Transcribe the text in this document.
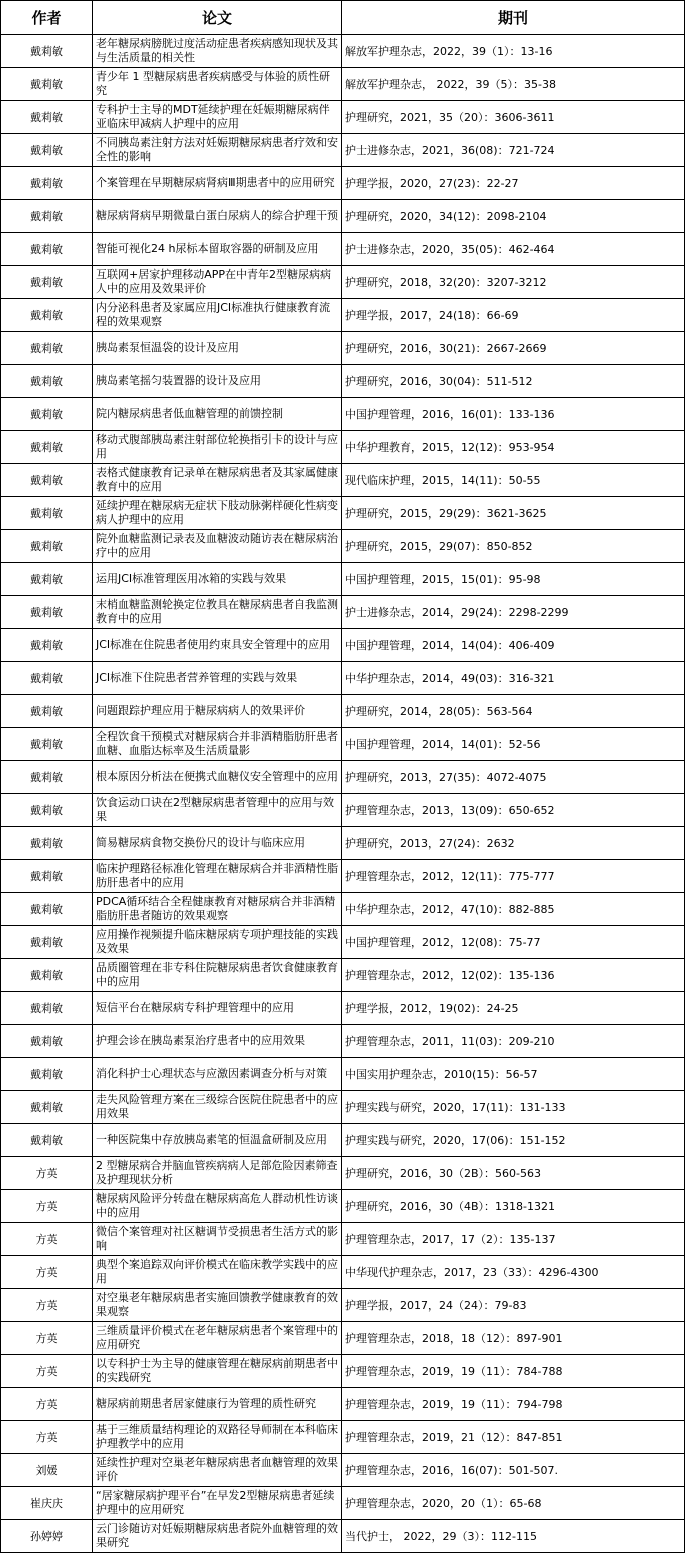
作者	论文	期刊
戴莉敏	老年糖尿病膀胱过度活动症患者疾病感知现状及其与生活质量的相关性	解放军护理杂志，2022，39（1）：13-16
戴莉敏	青少年 1 型糖尿病患者疾病感受与体验的质性研究	解放军护理杂志， 2022，39（5）：35-38
戴莉敏	专科护士主导的MDT延续护理在妊娠期糖尿病伴亚临床甲减病人护理中的应用	护理研究，2021，35（20）：3606-3611
戴莉敏	不同胰岛素注射方法对妊娠期糖尿病患者疗效和安全性的影响	护士进修杂志，2021，36(08)：721-724
戴莉敏	个案管理在早期糖尿病肾病Ⅲ期患者中的应用研究	护理学报，2020，27(23)：22-27
戴莉敏	糖尿病肾病早期微量白蛋白尿病人的综合护理干预	护理研究，2020，34(12)：2098-2104
戴莉敏	智能可视化24 h尿标本留取容器的研制及应用	护士进修杂志，2020，35(05)：462-464
戴莉敏	互联网+居家护理移动APP在中青年2型糖尿病病人中的应用及效果评价	护理研究，2018，32(20)：3207-3212
戴莉敏	内分泌科患者及家属应用JCI标准执行健康教育流程的效果观察	护理学报，2017，24(18)：66-69
戴莉敏	胰岛素泵恒温袋的设计及应用	护理研究，2016，30(21)：2667-2669
戴莉敏	胰岛素笔摇匀装置器的设计及应用	护理研究，2016，30(04)：511-512
戴莉敏	院内糖尿病患者低血糖管理的前馈控制	中国护理管理，2016，16(01)：133-136
戴莉敏	移动式腹部胰岛素注射部位轮换指引卡的设计与应用	中华护理教育，2015，12(12)：953-954
戴莉敏	表格式健康教育记录单在糖尿病患者及其家属健康教育中的应用	现代临床护理，2015，14(11)：50-55
戴莉敏	延续护理在糖尿病无症状下肢动脉粥样硬化性病变病人护理中的应用	护理研究，2015，29(29)：3621-3625
戴莉敏	院外血糖监测记录表及血糖波动随访表在糖尿病治疗中的应用	护理研究，2015，29(07)：850-852
戴莉敏	运用JCI标准管理医用冰箱的实践与效果	中国护理管理，2015，15(01)：95-98
戴莉敏	末梢血糖监测轮换定位教具在糖尿病患者自我监测教育中的应用	护士进修杂志，2014，29(24)：2298-2299
戴莉敏	JCI标准在住院患者使用约束具安全管理中的应用	中国护理管理，2014，14(04)：406-409
戴莉敏	JCI标准下住院患者营养管理的实践与效果	中华护理杂志，2014，49(03)：316-321
戴莉敏	问题跟踪护理应用于糖尿病病人的效果评价	护理研究，2014，28(05)：563-564
戴莉敏	全程饮食干预模式对糖尿病合并非酒精脂肪肝患者血糖、血脂达标率及生活质量影	中国护理管理，2014，14(01)：52-56
戴莉敏	根本原因分析法在便携式血糖仪安全管理中的应用	护理研究，2013，27(35)：4072-4075
戴莉敏	饮食运动口诀在2型糖尿病患者管理中的应用与效果	护理管理杂志，2013，13(09)：650-652
戴莉敏	简易糖尿病食物交换份尺的设计与临床应用	护理研究，2013，27(24)：2632
戴莉敏	临床护理路径标准化管理在糖尿病合并非酒精性脂肪肝患者中的应用	护理管理杂志，2012，12(11)：775-777
戴莉敏	PDCA循环结合全程健康教育对糖尿病合并非酒精脂肪肝患者随访的效果观察	中华护理杂志，2012，47(10)：882-885
戴莉敏	应用操作视频提升临床糖尿病专项护理技能的实践及效果	中国护理管理，2012，12(08)：75-77
戴莉敏	品质圈管理在非专科住院糖尿病患者饮食健康教育中的应用	护理管理杂志，2012，12(02)：135-136
戴莉敏	短信平台在糖尿病专科护理管理中的应用	护理学报，2012，19(02)：24-25
戴莉敏	护理会诊在胰岛素泵治疗患者中的应用效果	护理管理杂志，2011，11(03)：209-210
戴莉敏	消化科护士心理状态与应激因素调查分析与对策	中国实用护理杂志，2010(15)：56-57
戴莉敏	走失风险管理方案在三级综合医院住院患者中的应用效果	护理实践与研究，2020，17(11)：131-133
戴莉敏	一种医院集中存放胰岛素笔的恒温盒研制及应用	护理实践与研究，2020，17(06)：151-152
方英	2 型糖尿病合并脑血管疾病病人足部危险因素筛查及护理现状分析	护理研究，2016，30（2B）：560-563
方英	糖尿病风险评分转盘在糖尿病高危人群动机性访谈中的应用	护理研究，2016，30（4B）：1318-1321
方英	微信个案管理对社区糖调节受损患者生活方式的影响	护理管理杂志，2017，17（2）：135-137
方英	典型个案追踪双向评价模式在临床教学实践中的应用	中华现代护理杂志，2017，23（33）：4296-4300
方英	对空巢老年糖尿病患者实施回馈教学健康教育的效果观察	护理学报，2017，24（24）：79-83
方英	三维质量评价模式在老年糖尿病患者个案管理中的应用研究	护理管理杂志，2018，18（12）：897-901
方英	以专科护士为主导的健康管理在糖尿病前期患者中的实践研究	护理管理杂志，2019，19（11）：784-788
方英	糖尿病前期患者居家健康行为管理的质性研究	护理管理杂志，2019，19（11）：794-798
方英	基于三维质量结构理论的双路径导师制在本科临床护理教学中的应用	护理管理杂志，2019，21（12）：847-851
刘媛	延续性护理对空巢老年糖尿病患者血糖管理的效果评价	护理管理杂志，2016，16(07)：501-507.
崔庆庆	“居家糖尿病护理平台”在早发2型糖尿病患者延续护理中的应用研究	护理管理杂志，2020，20（1）：65-68
孙婷婷	云门诊随访对妊娠期糖尿病患者院外血糖管理的效果研究	当代护士， 2022，29（3）：112-115
